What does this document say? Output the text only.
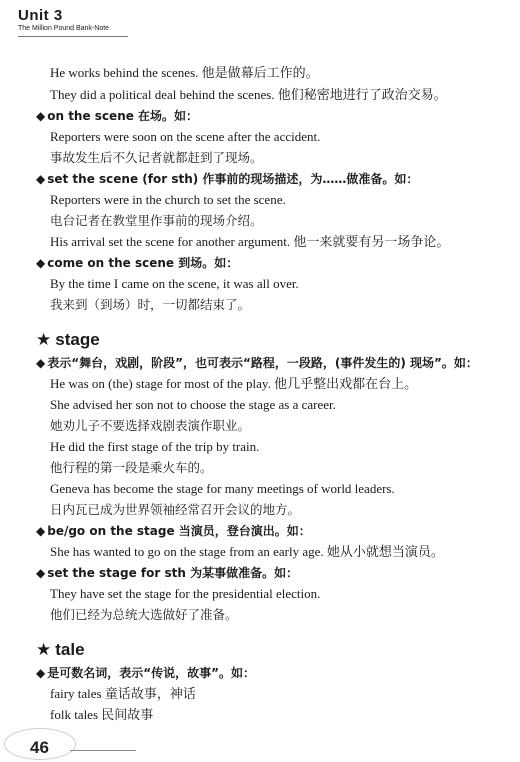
Unit 3
The Million Pound Bank-Note
He works behind the scenes. 他是做幕后工作的。
They did a political deal behind the scenes. 他们秘密地进行了政治交易。
◆ on the scene 在场。如：
Reporters were soon on the scene after the accident.
事故发生后不久记者就都赶到了现场。
◆ set the scene (for sth) 作事前的现场描述，为……做准备。如：
Reporters were in the church to set the scene.
电台记者在教堂里作事前的现场介绍。
His arrival set the scene for another argument. 他一来就要有另一场争论。
◆ come on the scene 到场。如：
By the time I came on the scene, it was all over.
我来到（到场）时，一切都结束了。
★ stage
◆ 表示“舞台，戏剧，阶段”，也可表示“路程，一段路，(事件发生的) 现场”。如：
He was on (the) stage for most of the play. 他几乎整出戏都在台上。
She advised her son not to choose the stage as a career.
她劝儿子不要选择戏剧表演作职业。
He did the first stage of the trip by train.
他行程的第一段是乘火车的。
Geneva has become the stage for many meetings of world leaders.
日内瓦已成为世界领袖经常召开会议的地方。
◆ be/go on the stage 当演员，登台演出。如：
She has wanted to go on the stage from an early age. 她从小就想当演员。
◆ set the stage for sth 为某事做准备。如：
They have set the stage for the presidential election.
他们已经为总统大选做好了准备。
★ tale
◆ 是可数名词，表示“传说，故事”。如：
fairy tales 童话故事，神话
folk tales 民间故事
46
